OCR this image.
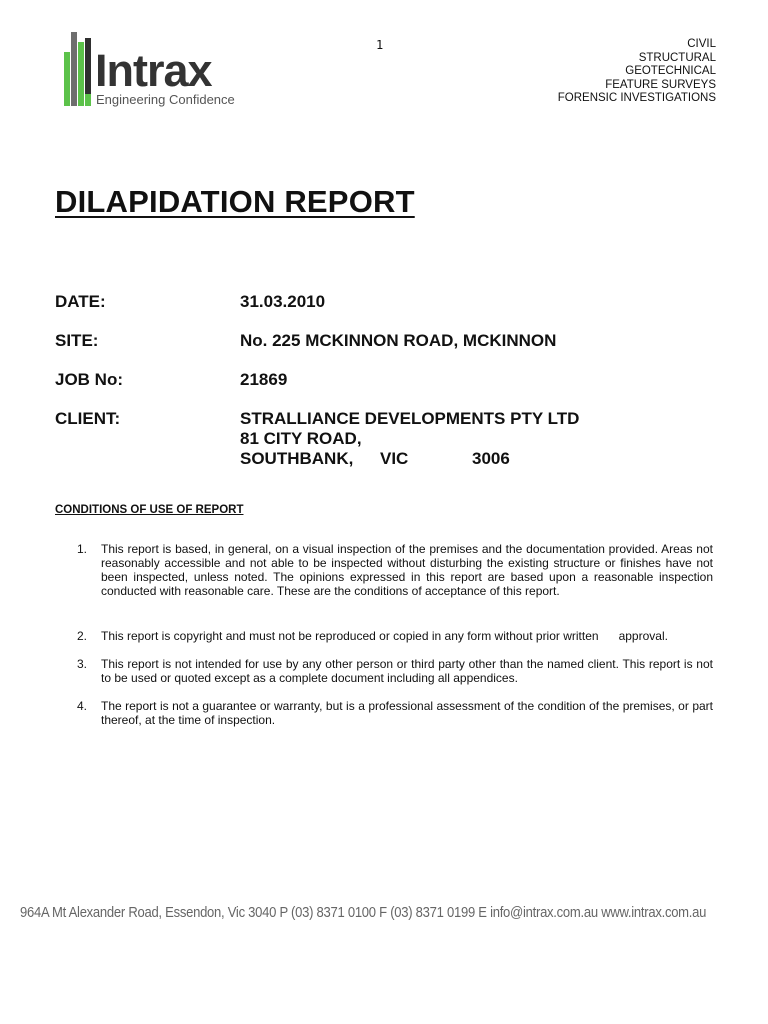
Intrax
Engineering Confidence
1	CIVIL
STRUCTURAL
GEOTECHNICAL
FEATURE SURVEYS
FORENSIC INVESTIGATIONS
DILAPIDATION REPORT
DATE:	31.03.2010
SITE:	No. 225 MCKINNON ROAD, MCKINNON
JOB No:	21869
CLIENT:	STRALLIANCE DEVELOPMENTS PTY LTD
81 CITY ROAD,
SOUTHBANK, VIC	3006
CONDITIONS OF USE OF REPORT
1. This report is based, in general, on a visual inspection of the premises and the documentation provided. Areas not reasonably accessible and not able to be inspected without disturbing the existing structure or finishes have not been inspected, unless noted. The opinions expressed in this report are based upon a reasonable inspection conducted with reasonable care. These are the conditions of acceptance of this report.
2. This report is copyright and must not be reproduced or copied in any form without prior written      approval.
3. This report is not intended for use by any other person or third party other than the named client. This report is not to be used or quoted except as a complete document including all appendices.
4. The report is not a guarantee or warranty, but is a professional assessment of the condition of the premises, or part thereof, at the time of inspection.
964A Mt Alexander Road, Essendon, Vic 3040 P (03) 8371 0100 F (03) 8371 0199 E info@intrax.com.au www.intrax.com.au
